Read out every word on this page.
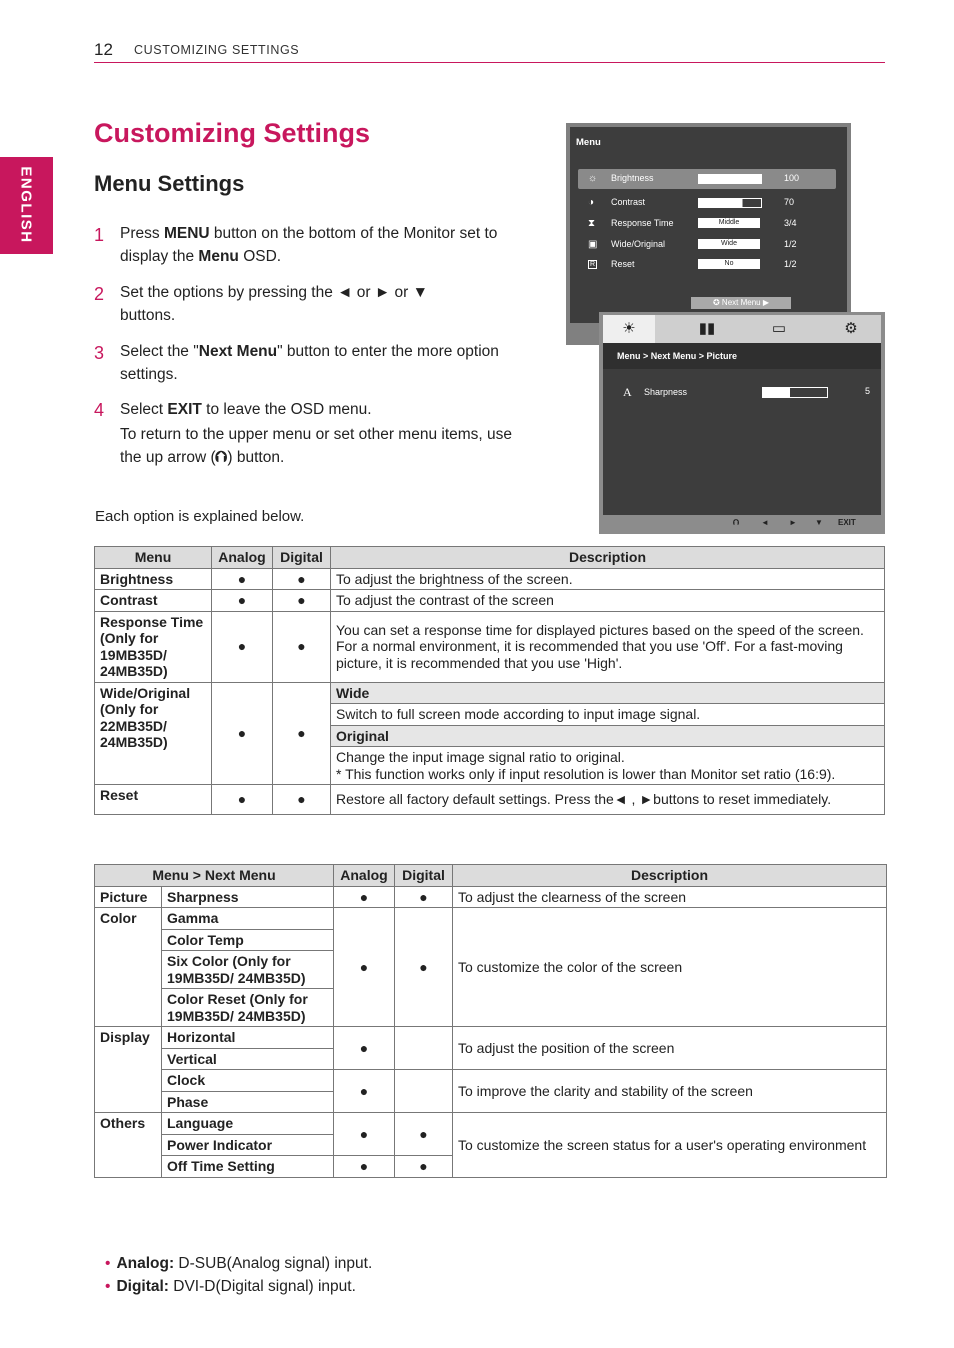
12 CUSTOMIZING SETTINGS
ENGLISH
Customizing Settings
Menu Settings
1 Press MENU button on the bottom of the Monitor set to display the Menu OSD.
2 Set the options by pressing the ◄ or ► or ▼ buttons.
3 Select the "Next Menu" button to enter the more option settings.
4 Select EXIT to leave the OSD menu.
To return to the upper menu or set other menu items, use the up arrow (⮉) button.
Each option is explained below.
Menu
☼ Brightness	100
◑ Contrast	70
⧗ Response Time	Middle	3/4
▣ Wide/Original	Wide	1/2
R Reset	No	1/2
✪ Next Menu ▶
☀	▮▮	▭	⚙
Menu > Next Menu > Picture
A Sharpness	5
⮉	◄	► ▼ EXIT
Menu	Analog	Digital	Description
Brightness	●	●	To adjust the brightness of the screen.
Contrast	●	●	To adjust the contrast of the screen
Response Time (Only for 19MB35D/ 24MB35D)	●	●	You can set a response time for displayed pictures based on the speed of the screen. For a normal environment, it is recommended that you use 'Off'. For a fast-moving picture, it is recommended that you use 'High'.
Wide/Original (Only for 22MB35D/ 24MB35D)	●	●	Wide
			Switch to full screen mode according to input image signal.
			Original

			Change the input image signal ratio to original.
* This function works only if input resolution is lower than Monitor set ratio (16:9).

Reset	●	●	Restore all factory default settings. Press the◄ , ►buttons to reset immediately.
Menu > Next Menu		Analog	Digital	Description
Picture	Sharpness	●	●	To adjust the clearness of the screen
Color	Gamma	●	●	To customize the color of the screen
	Color Temp			
	Six Color (Only for 19MB35D/ 24MB35D)			
	Color Reset (Only for 19MB35D/ 24MB35D)			
Display	Horizontal	●		To adjust the position of the screen
	Vertical			
	Clock	●		To improve the clarity and stability of the screen
	Phase			
Others	Language	●	●	To customize the screen status for a user's operating environment
	Power Indicator			
	Off Time Setting	●	●	
• Analog: D-SUB(Analog signal) input.
• Digital: DVI-D(Digital signal) input.
